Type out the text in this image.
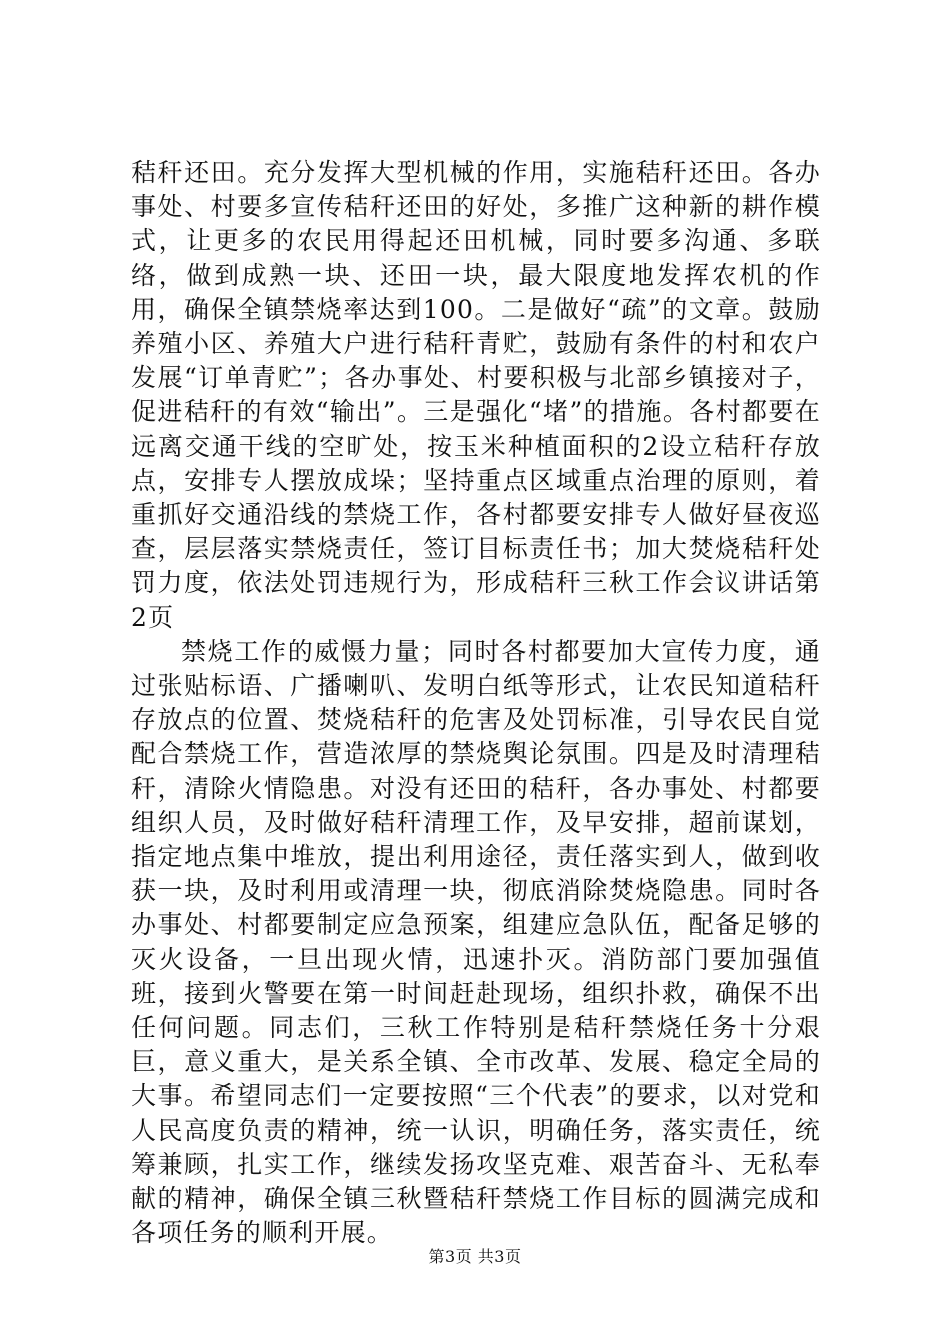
秸秆还田。充分发挥大型机械的作用，实施秸秆还田。各办事处、村要多宣传秸秆还田的好处，多推广这种新的耕作模式，让更多的农民用得起还田机械，同时要多沟通、多联络，做到成熟一块、还田一块，最大限度地发挥农机的作用，确保全镇禁烧率达到100。二是做好“疏”的文章。鼓励养殖小区、养殖大户进行秸秆青贮，鼓励有条件的村和农户发展“订单青贮”；各办事处、村要积极与北部乡镇接对子，促进秸秆的有效“输出”。三是强化“堵”的措施。各村都要在远离交通干线的空旷处，按玉米种植面积的2设立秸秆存放点，安排专人摆放成垛；坚持重点区域重点治理的原则，着重抓好交通沿线的禁烧工作，各村都要安排专人做好昼夜巡查，层层落实禁烧责任，签订目标责任书；加大焚烧秸秆处罚力度，依法处罚违规行为，形成秸秆三秋工作会议讲话第2页

禁烧工作的威慑力量；同时各村都要加大宣传力度，通过张贴标语、广播喇叭、发明白纸等形式，让农民知道秸秆存放点的位置、焚烧秸秆的危害及处罚标准，引导农民自觉配合禁烧工作，营造浓厚的禁烧舆论氛围。四是及时清理秸秆，清除火情隐患。对没有还田的秸秆，各办事处、村都要组织人员，及时做好秸秆清理工作，及早安排，超前谋划，指定地点集中堆放，提出利用途径，责任落实到人，做到收获一块，及时利用或清理一块，彻底消除焚烧隐患。同时各办事处、村都要制定应急预案，组建应急队伍，配备足够的灭火设备，一旦出现火情，迅速扑灭。消防部门要加强值班，接到火警要在第一时间赶赴现场，组织扑救，确保不出任何问题。同志们，三秋工作特别是秸秆禁烧任务十分艰巨，意义重大，是关系全镇、全市改革、发展、稳定全局的大事。希望同志们一定要按照“三个代表”的要求，以对党和人民高度负责的精神，统一认识，明确任务，落实责任，统筹兼顾，扎实工作，继续发扬攻坚克难、艰苦奋斗、无私奉献的精神，确保全镇三秋暨秸秆禁烧工作目标的圆满完成和各项任务的顺利开展。

第3页 共3页
